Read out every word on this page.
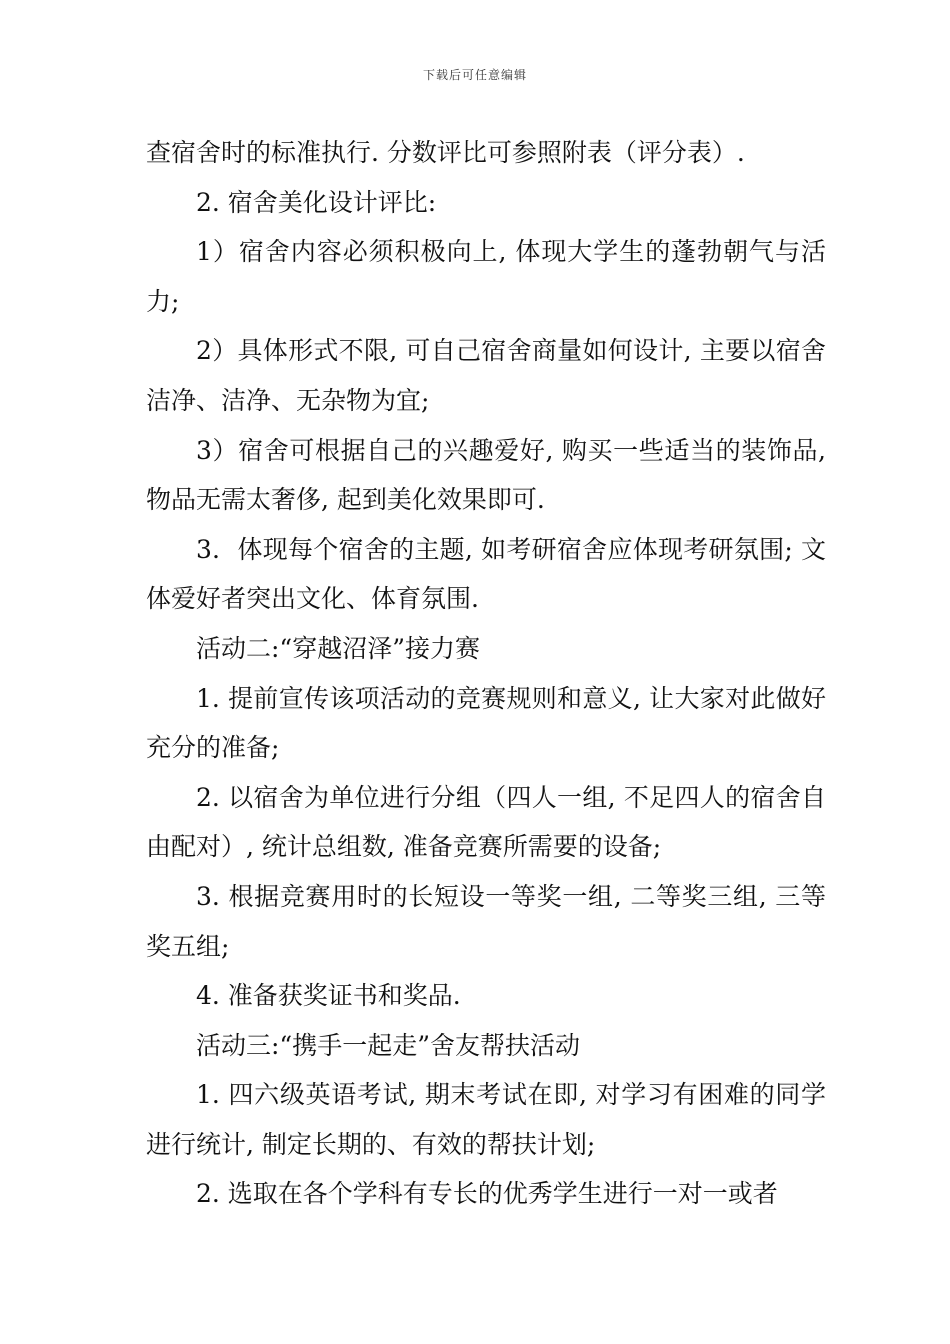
下载后可任意编辑

查宿舍时的标准执行. 分数评比可参照附表（评分表）.

2. 宿舍美化设计评比:

1）宿舍内容必须积极向上, 体现大学生的蓬勃朝气与活力;

2）具体形式不限, 可自己宿舍商量如何设计, 主要以宿舍洁净、洁净、无杂物为宜;

3）宿舍可根据自己的兴趣爱好, 购买一些适当的装饰品, 物品无需太奢侈, 起到美化效果即可.

3．体现每个宿舍的主题, 如考研宿舍应体现考研氛围; 文体爱好者突出文化、体育氛围.

活动二:“穿越沼泽”接力赛

1. 提前宣传该项活动的竞赛规则和意义, 让大家对此做好充分的准备;

2. 以宿舍为单位进行分组（四人一组, 不足四人的宿舍自由配对）, 统计总组数, 准备竞赛所需要的设备;

3. 根据竞赛用时的长短设一等奖一组, 二等奖三组, 三等奖五组;

4. 准备获奖证书和奖品.

活动三:“携手一起走”舍友帮扶活动

1. 四六级英语考试, 期末考试在即, 对学习有困难的同学进行统计, 制定长期的、有效的帮扶计划;

2. 选取在各个学科有专长的优秀学生进行一对一或者
